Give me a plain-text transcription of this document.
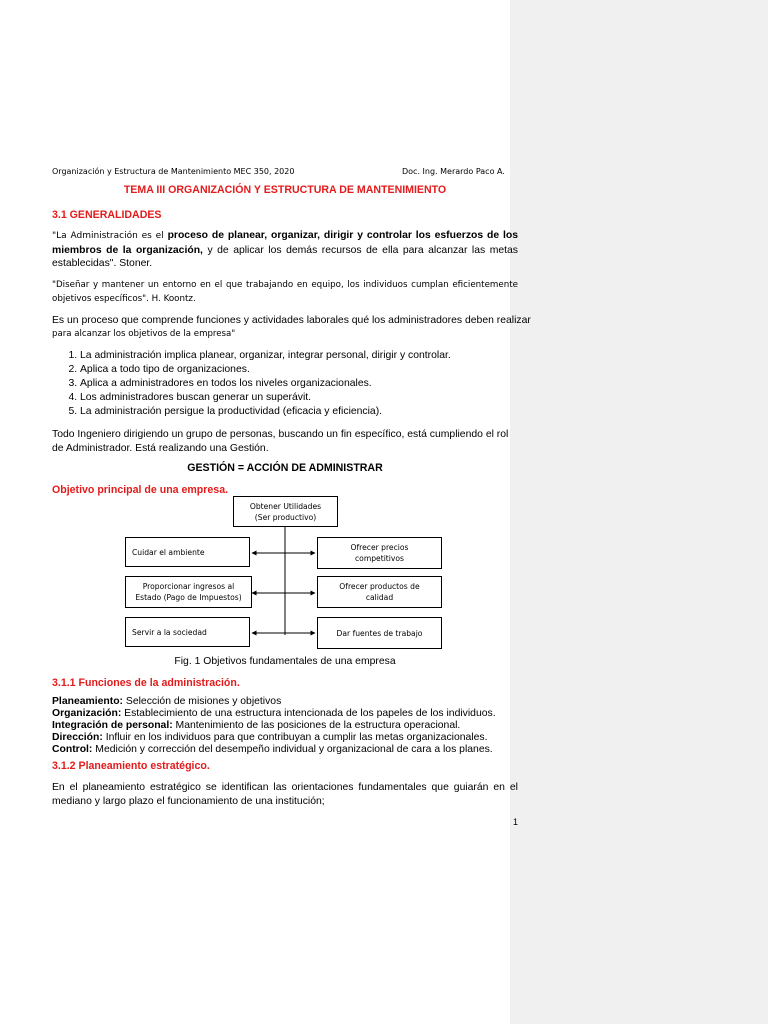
Organización y Estructura de Mantenimiento MEC 350, 2020	Doc. Ing. Merardo Paco A.
TEMA III ORGANIZACIÓN Y ESTRUCTURA DE MANTENIMIENTO
3.1 GENERALIDADES
"La Administración es el proceso de planear, organizar, dirigir y controlar los esfuerzos de los miembros de la organización, y de aplicar los demás recursos de ella para alcanzar las metas establecidas". Stoner.
"Diseñar y mantener un entorno en el que trabajando en equipo, los individuos cumplan eficientemente objetivos específicos". H. Koontz.
Es un proceso que comprende funciones y actividades laborales qué los administradores deben realizar
para alcanzar los objetivos de la empresa"
1. La administración implica planear, organizar, integrar personal, dirigir y controlar.
2. Aplica a todo tipo de organizaciones.
3. Aplica a administradores en todos los niveles organizacionales.
4. Los administradores buscan generar un superávit.
5. La administración persigue la productividad (eficacia y eficiencia).
Todo Ingeniero dirigiendo un grupo de personas, buscando un fin específico, está cumpliendo el rol de Administrador. Está realizando una Gestión.
GESTIÓN = ACCIÓN DE ADMINISTRAR
Objetivo principal de una empresa.
Obtener Utilidades
(Ser productivo)
Cuidar el ambiente
Proporcionar ingresos al
Estado (Pago de Impuestos)
Servir a la sociedad
Ofrecer precios
competitivos
Ofrecer productos de
calidad
Dar fuentes de trabajo
Fig. 1 Objetivos fundamentales de una empresa
3.1.1 Funciones de la administración.
Planeamiento: Selección de misiones y objetivos
Organización: Establecimiento de una estructura intencionada de los papeles de los individuos.
Integración de personal: Mantenimiento de las posiciones de la estructura operacional.
Dirección: Influir en los individuos para que contribuyan a cumplir las metas organizacionales.
Control: Medición y corrección del desempeño individual y organizacional de cara a los planes.
3.1.2 Planeamiento estratégico.
En el planeamiento estratégico se identifican las orientaciones fundamentales que guiarán en el mediano y largo plazo el funcionamiento de una institución;
1
